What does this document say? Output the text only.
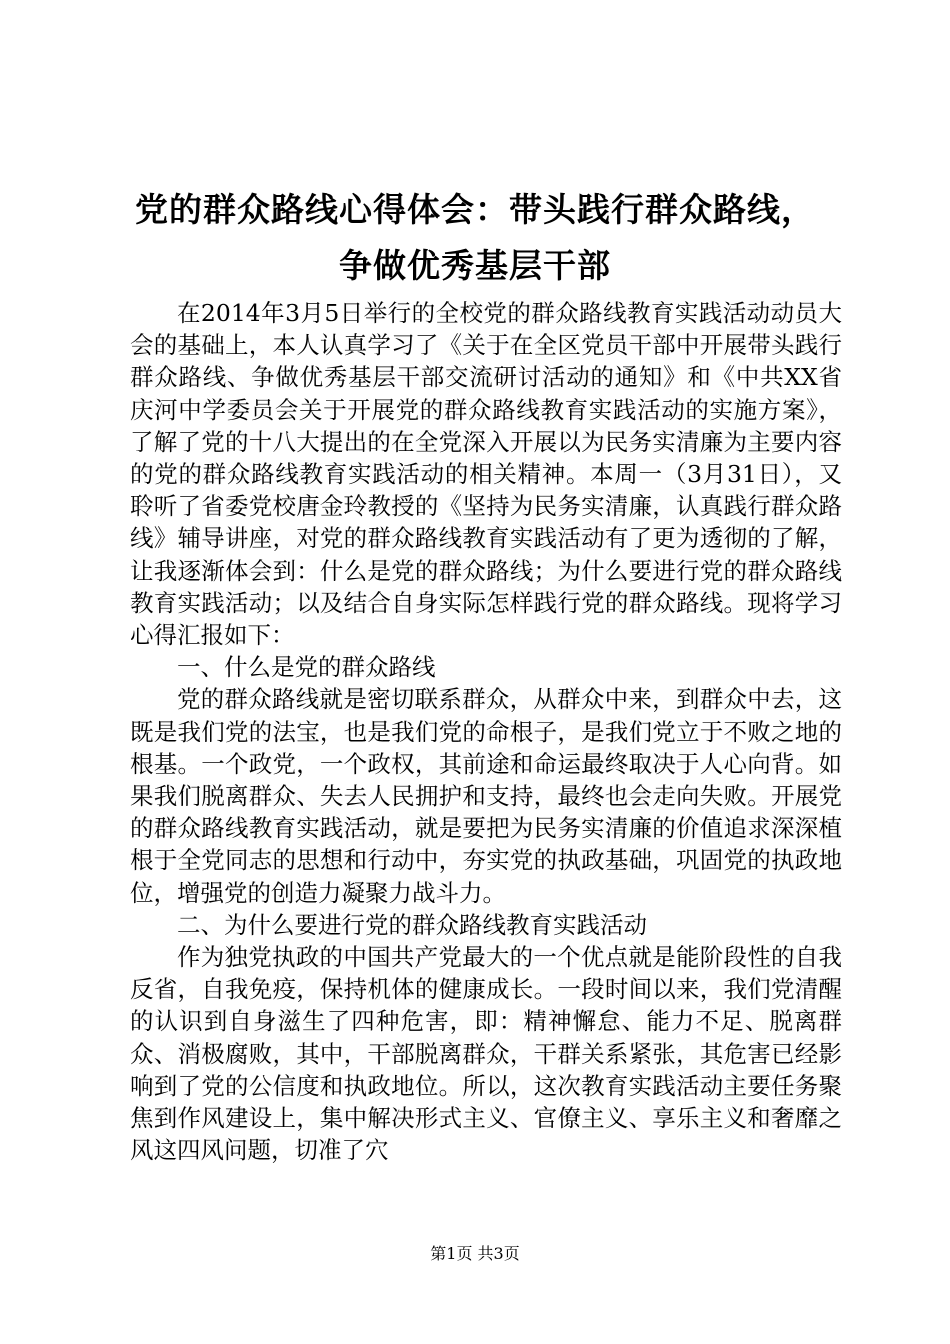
党的群众路线心得体会：带头践行群众路线，
争做优秀基层干部

在2014年3月5日举行的全校党的群众路线教育实践活动动员大会的基础上，本人认真学习了《关于在全区党员干部中开展带头践行群众路线、争做优秀基层干部交流研讨活动的通知》和《中共XX省庆河中学委员会关于开展党的群众路线教育实践活动的实施方案》，了解了党的十八大提出的在全党深入开展以为民务实清廉为主要内容的党的群众路线教育实践活动的相关精神。本周一（3月31日），又聆听了省委党校唐金玲教授的《坚持为民务实清廉，认真践行群众路线》辅导讲座，对党的群众路线教育实践活动有了更为透彻的了解，让我逐渐体会到：什么是党的群众路线；为什么要进行党的群众路线教育实践活动；以及结合自身实际怎样践行党的群众路线。现将学习心得汇报如下：

一、什么是党的群众路线

党的群众路线就是密切联系群众，从群众中来，到群众中去，这既是我们党的法宝，也是我们党的命根子，是我们党立于不败之地的根基。一个政党，一个政权，其前途和命运最终取决于人心向背。如果我们脱离群众、失去人民拥护和支持，最终也会走向失败。开展党的群众路线教育实践活动，就是要把为民务实清廉的价值追求深深植根于全党同志的思想和行动中，夯实党的执政基础，巩固党的执政地位，增强党的创造力凝聚力战斗力。

二、为什么要进行党的群众路线教育实践活动

作为独党执政的中国共产党最大的一个优点就是能阶段性的自我反省，自我免疫，保持机体的健康成长。一段时间以来，我们党清醒的认识到自身滋生了四种危害，即：精神懈怠、能力不足、脱离群众、消极腐败，其中，干部脱离群众，干群关系紧张，其危害已经影响到了党的公信度和执政地位。所以，这次教育实践活动主要任务聚焦到作风建设上，集中解决形式主义、官僚主义、享乐主义和奢靡之风这四风问题，切准了穴

第1页 共3页
